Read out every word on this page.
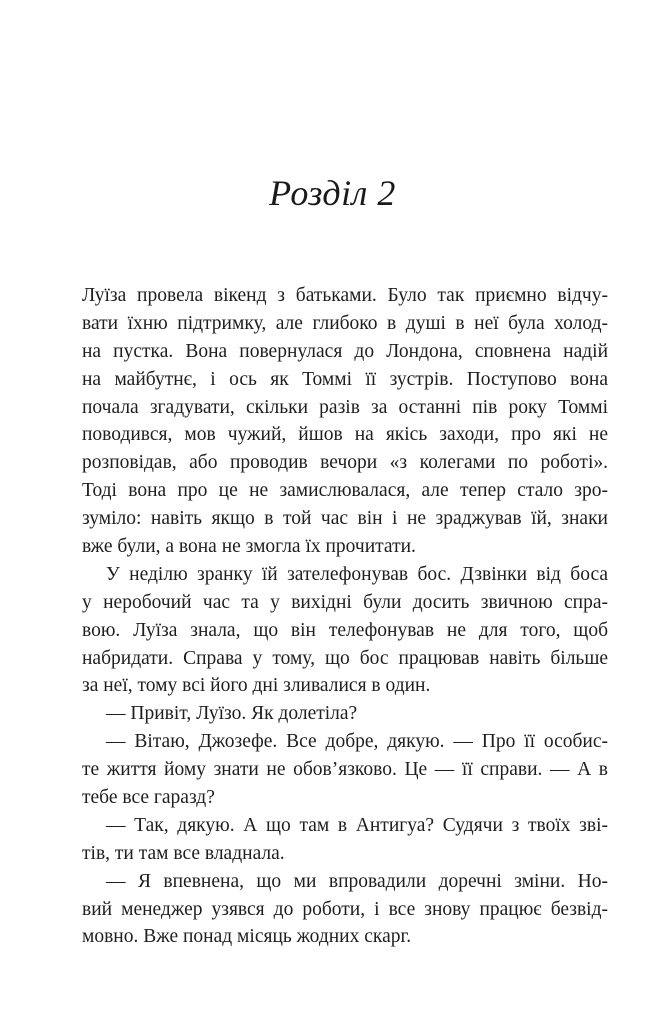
Розділ 2
Луїза провела вікенд з батьками. Було так приємно відчу-
вати їхню підтримку, але глибоко в душі в неї була холод-
на пустка. Вона повернулася до Лондона, сповнена надій
на майбутнє, і ось як Томмі її зустрів. Поступово вона
почала згадувати, скільки разів за останні пів року Томмі
поводився, мов чужий, йшов на якісь заходи, про які не
розповідав, або проводив вечори «з колегами по роботі».
Тоді вона про це не замислювалася, але тепер стало зро-
зуміло: навіть якщо в той час він і не зраджував їй, знаки
вже були, а вона не змогла їх прочитати.
У неділю зранку їй зателефонував бос. Дзвінки від боса
у неробочий час та у вихідні були досить звичною спра-
вою. Луїза знала, що він телефонував не для того, щоб
набридати. Справа у тому, що бос працював навіть більше
за неї, тому всі його дні зливалися в один.
— Привіт, Луїзо. Як долетіла?
— Вітаю, Джозефе. Все добре, дякую. — Про її особис-
те життя йому знати не обов’язково. Це — її справи. — А в
тебе все гаразд?
— Так, дякую. А що там в Антигуа? Судячи з твоїх зві-
тів, ти там все владнала.
— Я впевнена, що ми впровадили доречні зміни. Но-
вий менеджер узявся до роботи, і все знову працює безвід-
мовно. Вже понад місяць жодних скарг.
